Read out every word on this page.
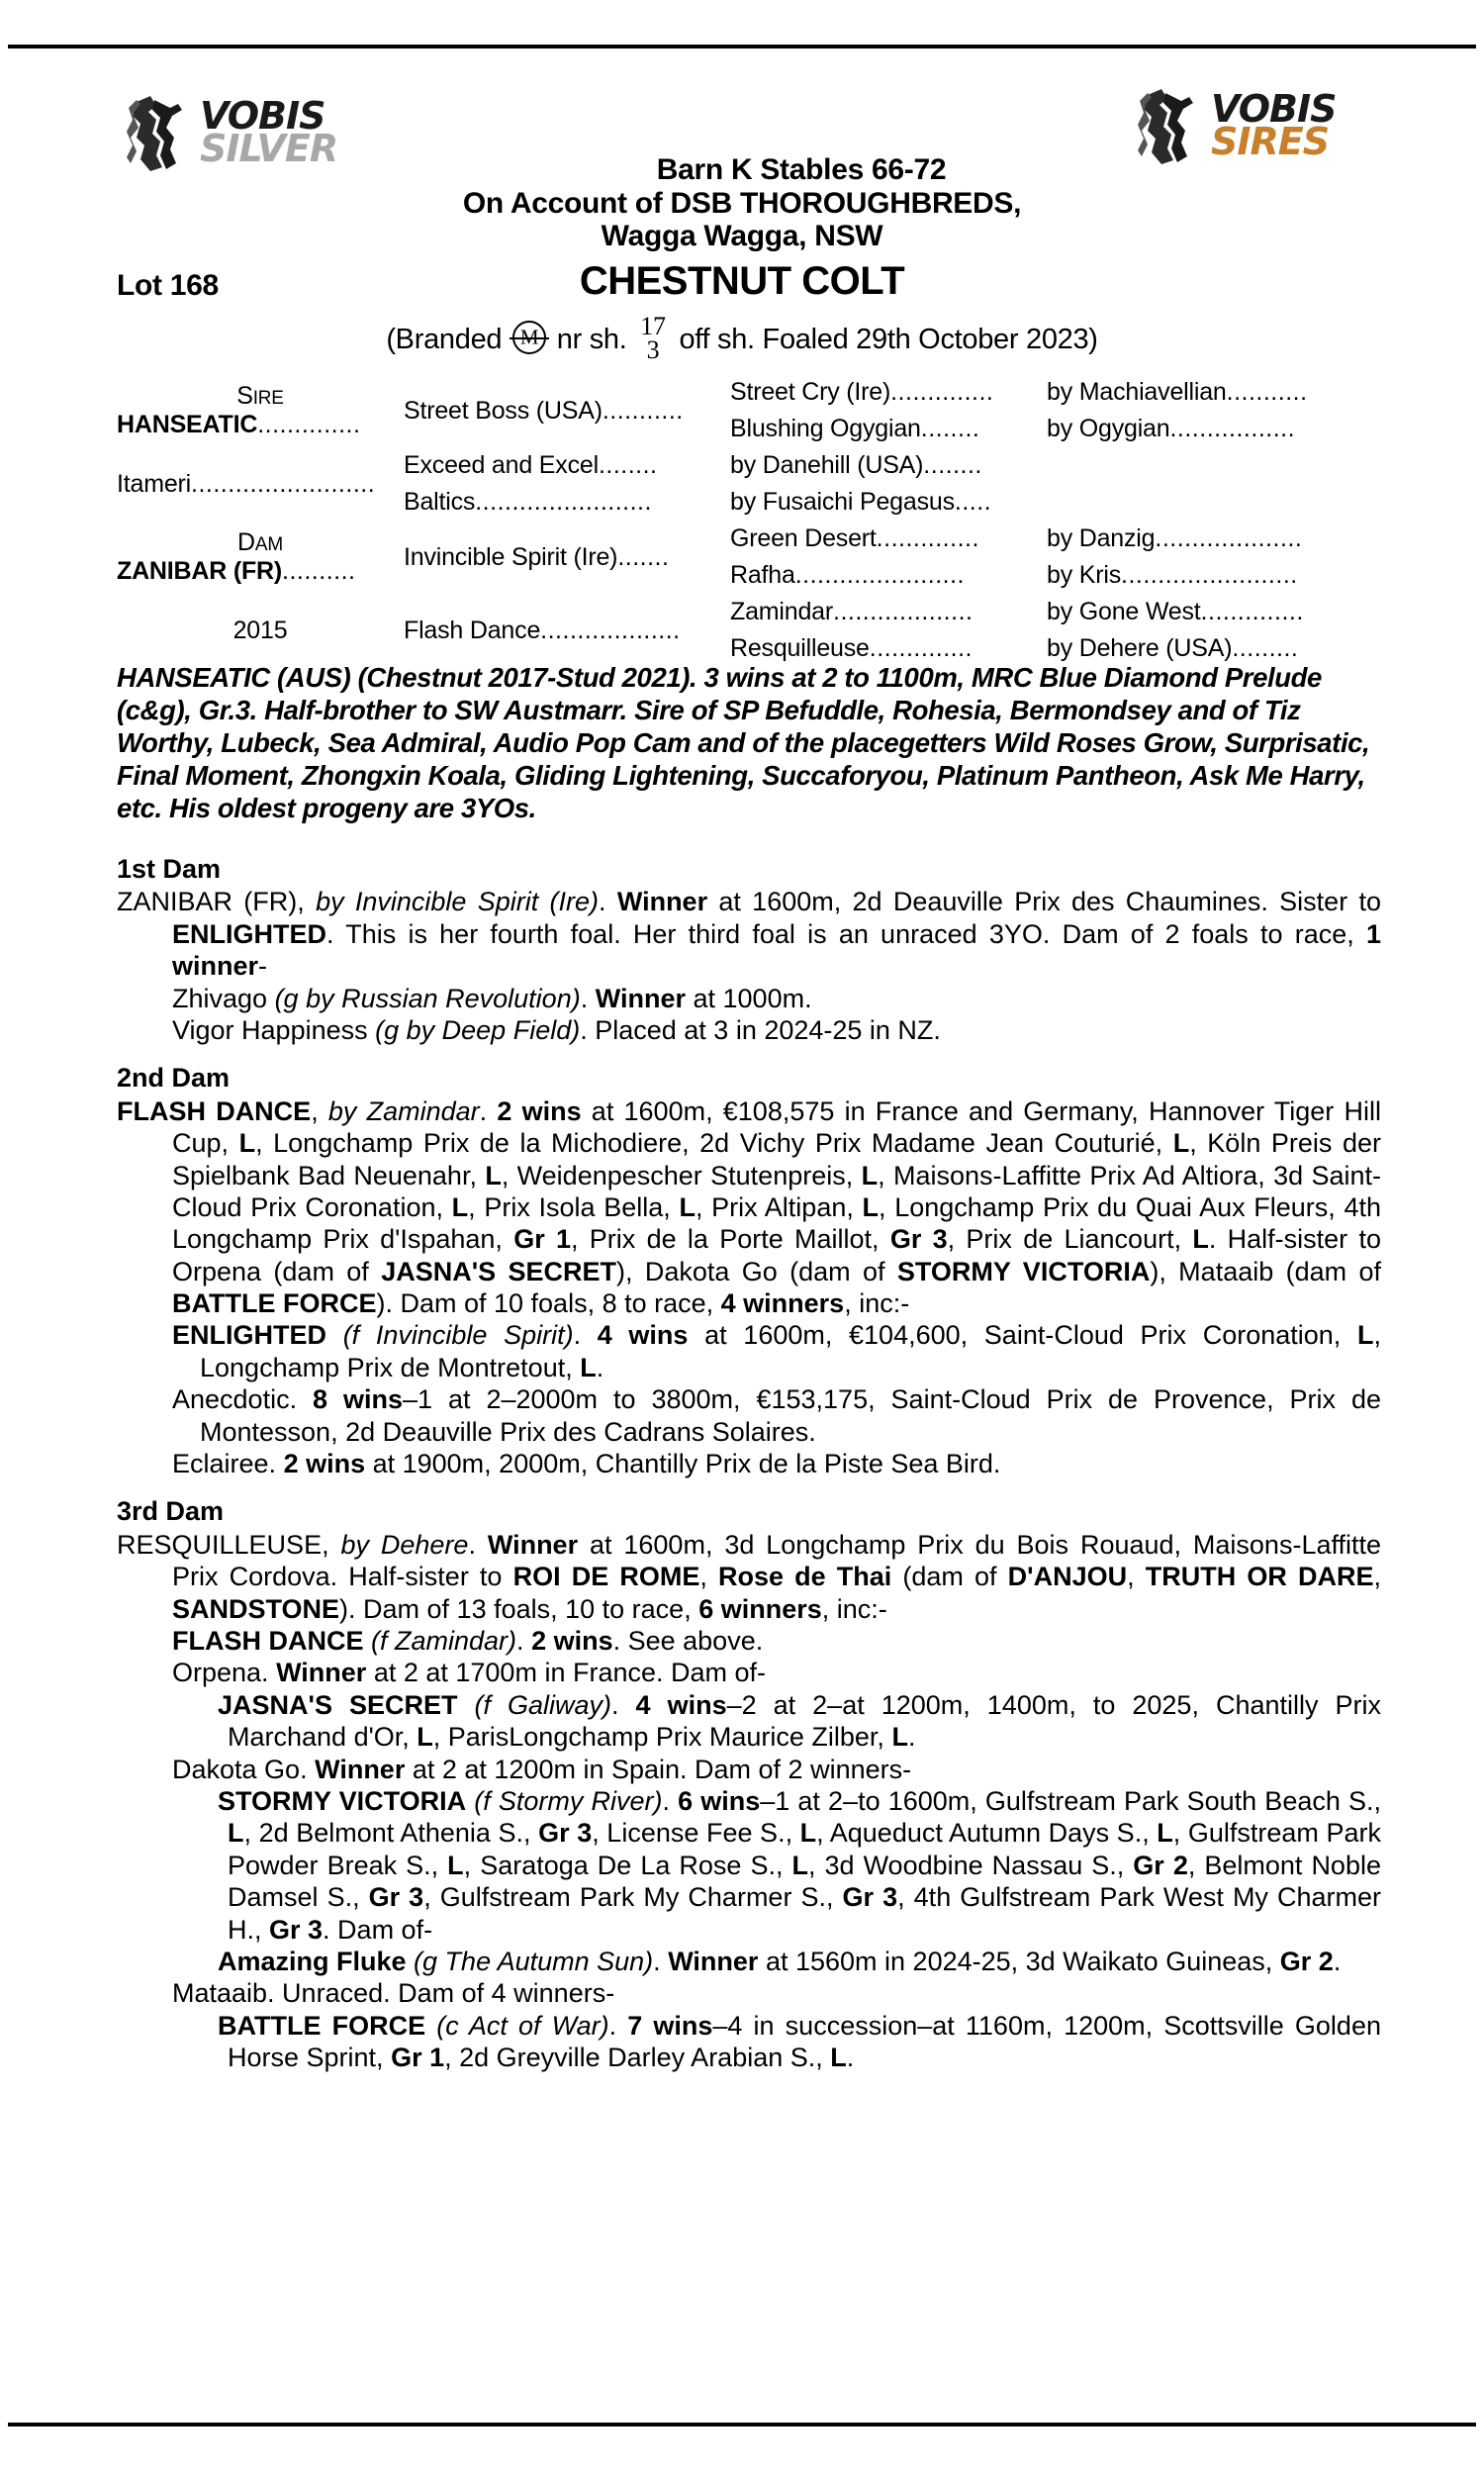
VOBIS
SILVER
VOBIS
SIRES
Barn K Stables 66-72
On Account of DSB THOROUGHBREDS,
Wagga Wagga, NSW
Lot 168	CHESTNUT COLT
(Branded nr sh. 17
3 off sh. Foaled 29th October 2023)
SIRE
HANSEATIC..............	Street Boss (USA)...........	Street Cry (Ire)..............	by Machiavellian...........
		Blushing Ogygian........	by Ogygian.................
Itameri.........................	Exceed and Excel........	by Danehill (USA)........	
	Baltics........................	by Fusaichi Pegasus.....	

DAM
ZANIBAR (FR)..........	Invincible Spirit (Ire).......	Green Desert..............	by Danzig....................
		Rafha.......................	by Kris........................

2015	Flash Dance...................	Zamindar...................	by Gone West..............
		Resquilleuse..............	by Dehere (USA).........
HANSEATIC (AUS) (Chestnut 2017-Stud 2021). 3 wins at 2 to 1100m, MRC Blue Diamond Prelude (c&g), Gr.3. Half-brother to SW Austmarr. Sire of SP Befuddle, Rohesia, Bermondsey and of Tiz Worthy, Lubeck, Sea Admiral, Audio Pop Cam and of the placegetters Wild Roses Grow, Surprisatic, Final Moment, Zhongxin Koala, Gliding Lightening, Succaforyou, Platinum Pantheon, Ask Me Harry, etc. His oldest progeny are 3YOs.
1st Dam
ZANIBAR (FR), by Invincible Spirit (Ire). Winner at 1600m, 2d Deauville Prix des Chaumines. Sister to ENLIGHTED. This is her fourth foal. Her third foal is an unraced 3YO. Dam of 2 foals to race, 1 winner-
Zhivago (g by Russian Revolution). Winner at 1000m.
Vigor Happiness (g by Deep Field). Placed at 3 in 2024-25 in NZ.
2nd Dam
FLASH DANCE, by Zamindar. 2 wins at 1600m, €108,575 in France and Germany, Hannover Tiger Hill Cup, L, Longchamp Prix de la Michodiere, 2d Vichy Prix Madame Jean Couturié, L, Köln Preis der Spielbank Bad Neuenahr, L, Weidenpescher Stutenpreis, L, Maisons-Laffitte Prix Ad Altiora, 3d Saint-Cloud Prix Coronation, L, Prix Isola Bella, L, Prix Altipan, L, Longchamp Prix du Quai Aux Fleurs, 4th Longchamp Prix d'Ispahan, Gr 1, Prix de la Porte Maillot, Gr 3, Prix de Liancourt, L. Half-sister to Orpena (dam of JASNA'S SECRET), Dakota Go (dam of STORMY VICTORIA), Mataaib (dam of BATTLE FORCE). Dam of 10 foals, 8 to race, 4 winners, inc:-
ENLIGHTED (f Invincible Spirit). 4 wins at 1600m, €104,600, Saint-Cloud Prix Coronation, L, Longchamp Prix de Montretout, L.
Anecdotic. 8 wins–1 at 2–2000m to 3800m, €153,175, Saint-Cloud Prix de Provence, Prix de Montesson, 2d Deauville Prix des Cadrans Solaires.
Eclairee. 2 wins at 1900m, 2000m, Chantilly Prix de la Piste Sea Bird.
3rd Dam
RESQUILLEUSE, by Dehere. Winner at 1600m, 3d Longchamp Prix du Bois Rouaud, Maisons-Laffitte Prix Cordova. Half-sister to ROI DE ROME, Rose de Thai (dam of D'ANJOU, TRUTH OR DARE, SANDSTONE). Dam of 13 foals, 10 to race, 6 winners, inc:-
FLASH DANCE (f Zamindar). 2 wins. See above.
Orpena. Winner at 2 at 1700m in France. Dam of-
JASNA'S SECRET (f Galiway). 4 wins–2 at 2–at 1200m, 1400m, to 2025, Chantilly Prix Marchand d'Or, L, ParisLongchamp Prix Maurice Zilber, L.
Dakota Go. Winner at 2 at 1200m in Spain. Dam of 2 winners-
STORMY VICTORIA (f Stormy River). 6 wins–1 at 2–to 1600m, Gulfstream Park South Beach S., L, 2d Belmont Athenia S., Gr 3, License Fee S., L, Aqueduct Autumn Days S., L, Gulfstream Park Powder Break S., L, Saratoga De La Rose S., L, 3d Woodbine Nassau S., Gr 2, Belmont Noble Damsel S., Gr 3, Gulfstream Park My Charmer S., Gr 3, 4th Gulfstream Park West My Charmer H., Gr 3. Dam of-
Amazing Fluke (g The Autumn Sun). Winner at 1560m in 2024-25, 3d Waikato Guineas, Gr 2.
Mataaib. Unraced. Dam of 4 winners-
BATTLE FORCE (c Act of War). 7 wins–4 in succession–at 1160m, 1200m, Scottsville Golden Horse Sprint, Gr 1, 2d Greyville Darley Arabian S., L.
